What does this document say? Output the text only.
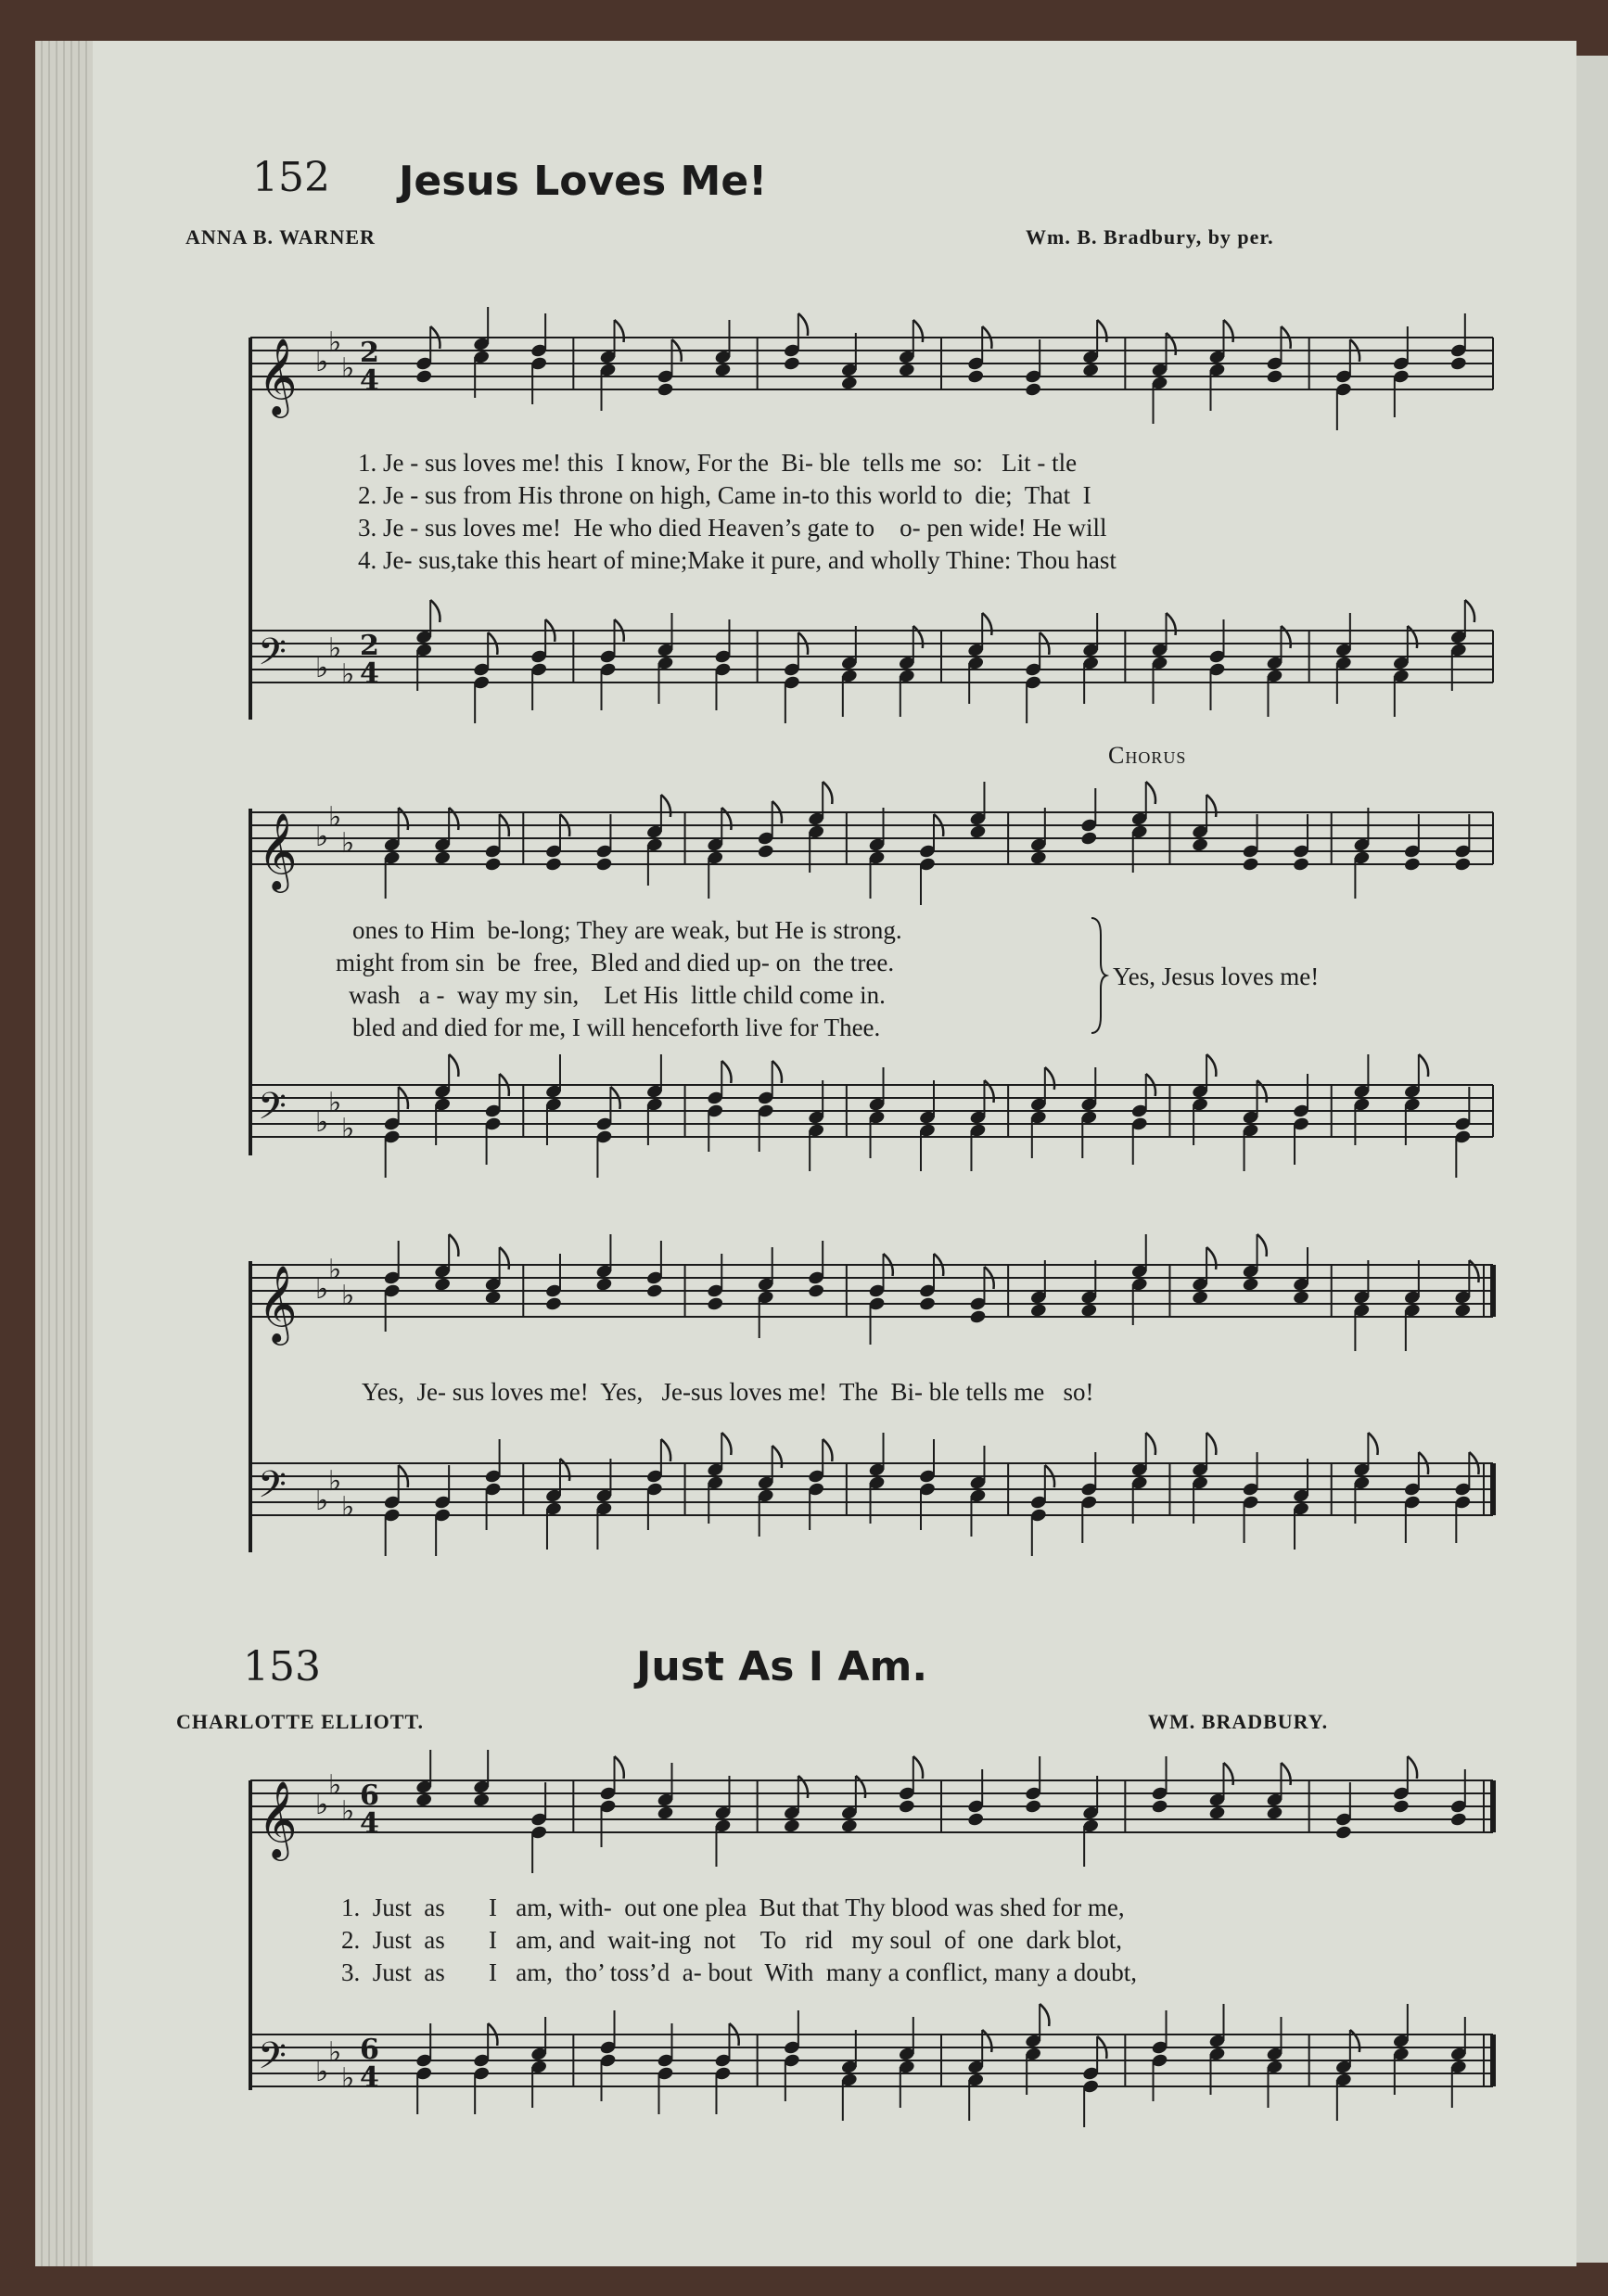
152 Jesus Loves Me!
ANNA B. WARNER	Wm. B. Bradbury, by per.
𝄞 ♭
♭
♭ 2
4
1. Je - sus loves me! this  I know, For the  Bi- ble  tells me  so:   Lit - tle
2. Je - sus from His throne on high, Came in-to this world to  die;  That  I
3. Je - sus loves me!  He who died Heaven’s gate to    o- pen wide! He will
4. Je- sus,take this heart of mine;Make it pure, and wholly Thine: Thou hast
𝄢 ♭
♭
♭
2
4
Chorus
𝄞 ♭
♭
♭
ones to Him  be-long; They are weak, but He is strong.
might from sin  be  free,  Bled and died up- on  the tree.
wash   a -  way my sin,    Let His  little child come in.
bled and died for me, I will henceforth live for Thee.
Yes, Jesus loves me!
𝄢 ♭
♭
♭
𝄞 ♭
♭
♭
Yes,  Je- sus loves me!  Yes,   Je-sus loves me!  The  Bi- ble tells me   so!
𝄢 ♭
♭
♭
153	Just As I Am.
CHARLOTTE ELLIOTT.	WM. BRADBURY.
𝄞 ♭
♭
♭ 6
4
1.  Just  as       I   am, with-  out one plea  But that Thy blood was shed for me,
2.  Just  as       I   am, and  wait-ing  not    To   rid   my soul  of  one  dark blot,
3.  Just  as       I   am,  tho’ toss’d  a- bout  With  many a conflict, many a doubt,
𝄢 ♭
♭
♭
6
4
